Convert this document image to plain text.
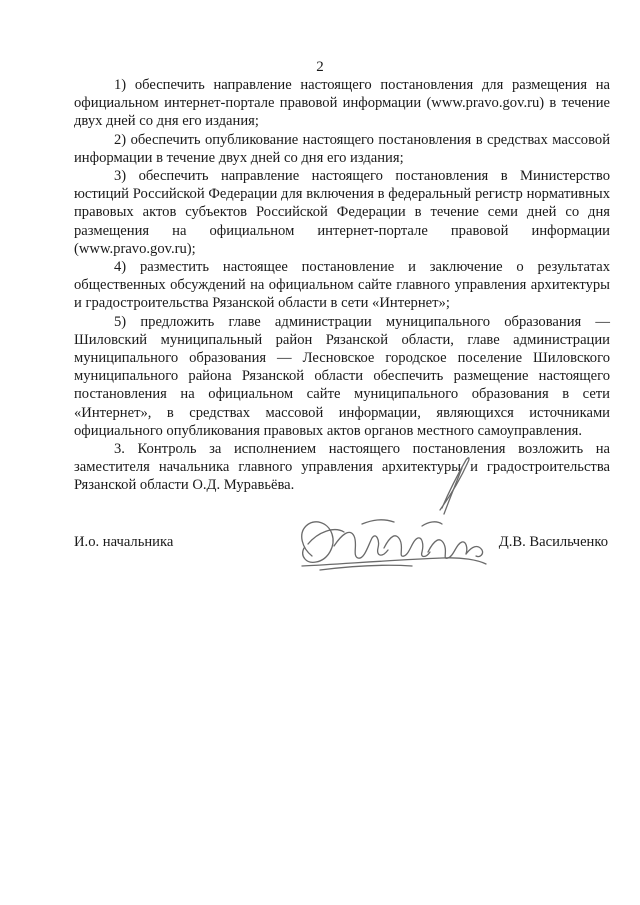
2

1) обеспечить направление настоящего постановления для размещения на официальном интернет-портале правовой информации (www.pravo.gov.ru) в течение двух дней со дня его издания;

2) обеспечить опубликование настоящего постановления в средствах массовой информации в течение двух дней со дня его издания;

3) обеспечить направление настоящего постановления в Министерство юстиций Российской Федерации для включения в федеральный регистр нормативных правовых актов субъектов Российской Федерации в течение семи дней со дня размещения на официальном интернет-портале правовой информации (www.pravo.gov.ru);

4) разместить настоящее постановление и заключение о результатах общественных обсуждений на официальном сайте главного управления архитектуры и градостроительства Рязанской области в сети «Интернет»;

5) предложить главе администрации муниципального образования — Шиловский муниципальный район Рязанской области, главе администрации муниципального образования — Лесновское городское поселение Шиловского муниципального района Рязанской области обеспечить размещение настоящего постановления на официальном сайте муниципального образования в сети «Интернет», в средствах массовой информации, являющихся источниками официального опубликования правовых актов органов местного самоуправления.

3. Контроль за исполнением настоящего постановления возложить на заместителя начальника главного управления архитектуры и градостроительства Рязанской области О.Д. Муравьёва.

И.о. начальника	Д.В. Васильченко
